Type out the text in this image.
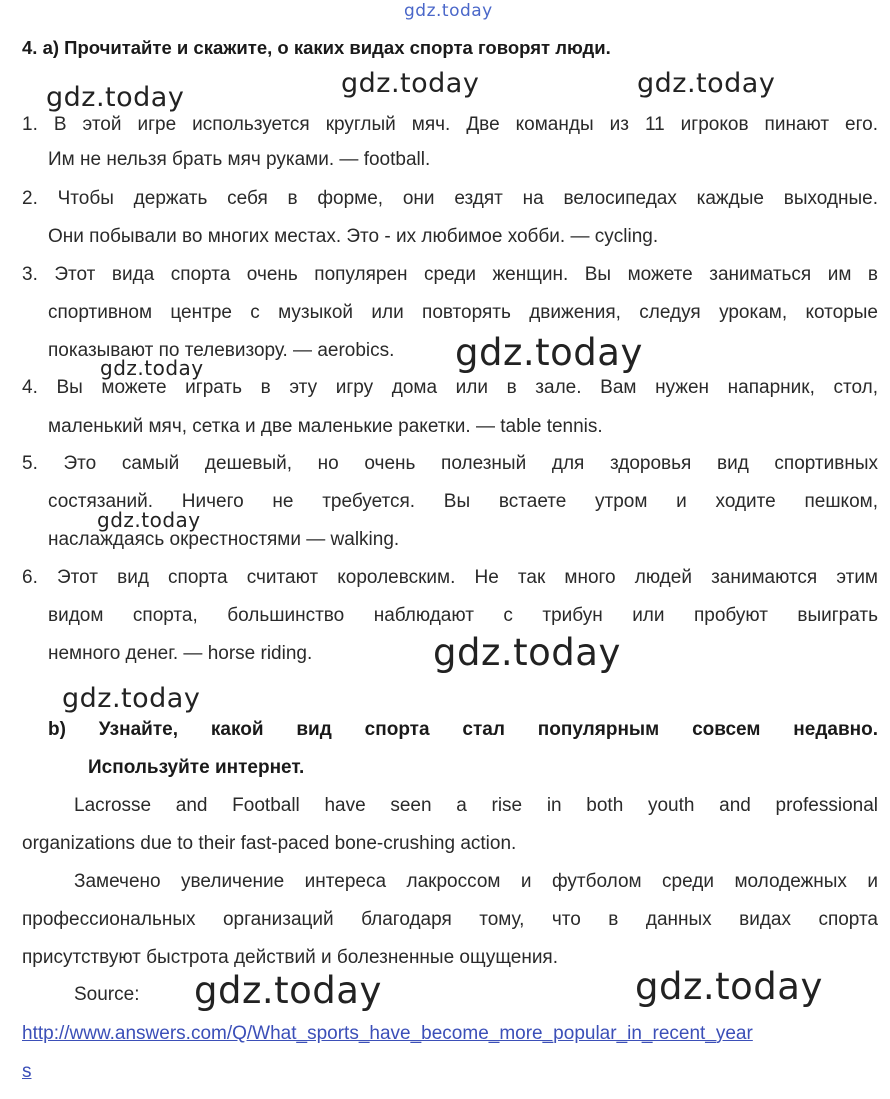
gdz.today
gdz.today	gdz.today	gdz.today
gdz.today
gdz.today
gdz.today
gdz.today
gdz.today
gdz.today	gdz.today
4. a) Прочитайте и скажите, о каких видах спорта говорят люди.
1. В этой игре используется круглый мяч. Две команды из 11 игроков пинают его.
Им не нельзя брать мяч руками. — football.
2. Чтобы держать себя в форме, они ездят на велосипедах каждые выходные.
Они побывали во многих местах. Это - их любимое хобби. — cycling.
3. Этот вида спорта очень популярен среди женщин. Вы можете заниматься им в
спортивном центре с музыкой или повторять движения, следуя урокам, которые
показывают по телевизору. — aerobics.
4. Вы можете играть в эту игру дома или в зале. Вам нужен напарник, стол,
маленький мяч, сетка и две маленькие ракетки. — table tennis.
5. Это самый дешевый, но очень полезный для здоровья вид спортивных
состязаний. Ничего не требуется. Вы встаете утром и ходите пешком,
наслаждаясь окрестностями — walking.
6. Этот вид спорта считают королевским. Не так много людей занимаются этим
видом спорта, большинство наблюдают с трибун или пробуют выиграть
немного денег. — horse riding.
b) Узнайте, какой вид спорта стал популярным совсем недавно.
Используйте интернет.
Lacrosse and Football have seen a rise in both youth and professional
organizations due to their fast-paced bone-crushing action.
Замечено увеличение интереса лакроссом и футболом среди молодежных и
профессиональных организаций благодаря тому, что в данных видах спорта
присутствуют быстрота действий и болезненные ощущения.
Source:
http://www.answers.com/Q/What_sports_have_become_more_popular_in_recent_year
s
